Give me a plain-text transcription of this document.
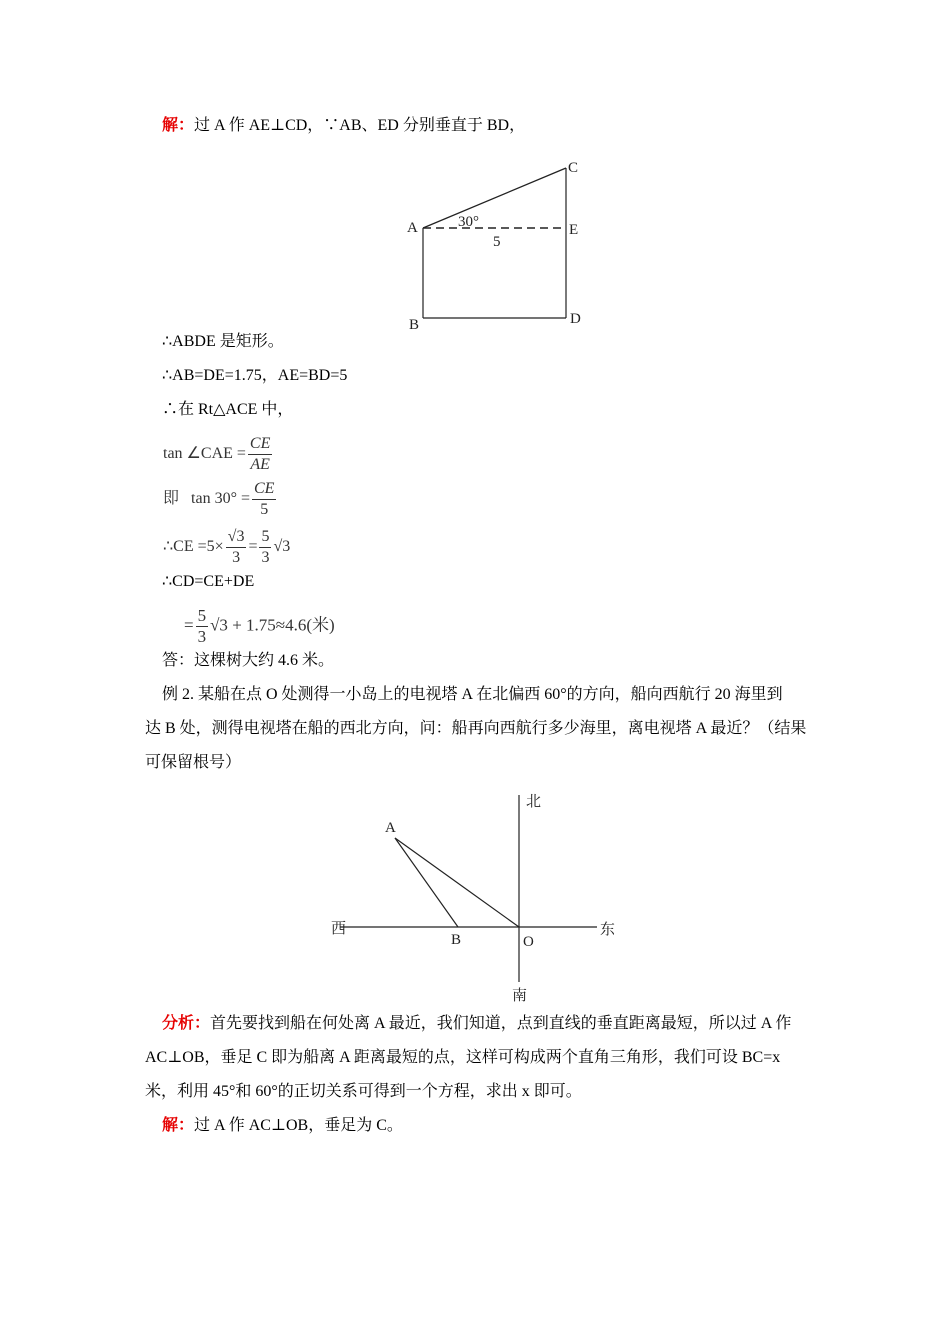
解：过 A 作 AE⊥CD，∵AB、ED 分别垂直于 BD，
C
A	E
30°
5
B	D
北
A
西
B	O
东
南
∴ABDE 是矩形。
∴AB=DE=1.75，AE=BD=5
∴在 Rt△ACE 中，
tan ∠CAE = $\frac{CE}{AE}$
即 $\tan 30^\circ = \frac{CE}{5}$
∴CE $=5\times \frac{√3}{3} = \frac{5}{3} √3$
∴CD=CE+DE
= $\frac{5}{3} √3 + 1.75\approx 4.6$(米)
答：这棵树大约 4.6 米。
例 2. 某船在点 O 处测得一小岛上的电视塔 A 在北偏西 60°的方向，船向西航行 20 海里到
达 B 处，测得电视塔在船的西北方向，问：船再向西航行多少海里，离电视塔 A 最近？（结果
可保留根号）
分析：首先要找到船在何处离 A 最近，我们知道，点到直线的垂直距离最短，所以过 A 作
AC⊥OB，垂足 C 即为船离 A 距离最短的点，这样可构成两个直角三角形，我们可设 BC=x
米，利用 45°和 60°的正切关系可得到一个方程，求出 x 即可。
解：过 A 作 AC⊥OB，垂足为 C。
